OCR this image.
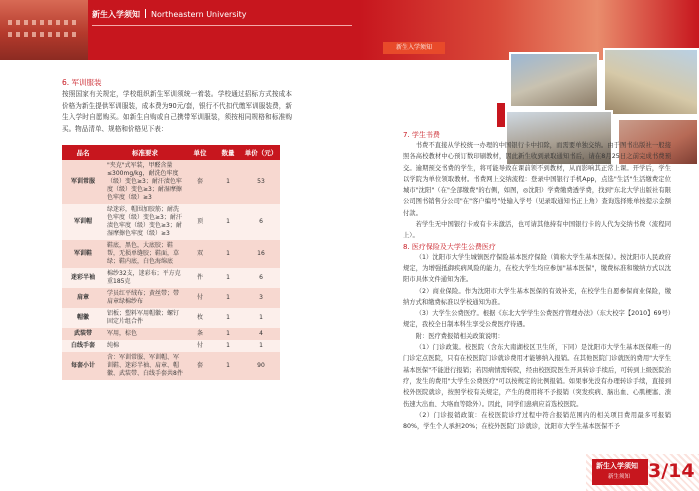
新生入学须知 Northeastern University
新生入学须知
6. 军训服装
按照国家有关规定，学校组织新生军训须统一着装。学校通过招标方式按成本价格为新生提供军训服装，成本费为90元/套，银行不代扣代缴军训服装费，新生入学时自愿购买。如新生自购或自己携带军训服装，须按相同规格和标准购买。物品清单、规格和价格见下表：
品名	标准要求	单位	数量	单价（元）
军训常服	"夹克"式军装，甲醛含量≤300mg/kg，耐洗色牢度（级）变色≥3；耐汗渍色牢度（级）变色≥3；耐湿摩擦色牢度（级）≥3	套	1	53
军训帽	绿迷彩，帽围加胶筋；耐洗色牢度（级）变色≥3；耐汗渍色牢度（级）变色≥3；耐湿摩擦色牢度（级）≥3	顶	1	6
军训鞋	鞋底，黑色，大底胶；鞋帮，无损单缝胶；鞋面，草绿；鞋内底，白色海绵底	双	1	16
迷彩半袖	棉纱32支，迷彩布；平方克重185克	件	1	6
肩章	学员红平绒布；黄丝带；带肩章绿棉纱布	付	1	3
帽徽	铝板；塑料军用帽徽；螺钉固定片组合件	枚	1	1
武装带	军用，棕色	条	1	4
白线手套	纯棉	付	1	1
每套小计	含：军训常服、军训帽、军训鞋、迷彩半袖、肩章、帽徽、武装带、白线手套共8件	套	1	90
7. 学生书费
书费不直接从学校统一办理的中国银行卡中扣除，而需要单独交纳。由于图书出版社一般接照各高校教材中心预订数印刷教材，因此新生收到录取通知书后，请在8月25日之前完成书费预交。逾期预交书费的学生，将可能导致在课前领不到教材，从而影响其正常上课。开学后，学生以学院为单位领取教材。书费网上交纳流程：登录中国银行手机App，点选"生活"生活缴费定位城市"沈阳"（在"全部缴费"的右侧，如图，◎沈阳）学费缴费透学费，找到"东北大学出版社有限公司图书销售分公司"在"客户编号"处输入学号（见录取通知书正上角）查询选择账单按提示金额付款。
若学生无中国银行卡或有卡未激活，也可请其他持有中国银行卡的人代为交纳书费（流程同上）。
8. 医疗保险及大学生公费医疗
（1）沈阳市大学生城镇医疗保险基本医疗保险（简称大学生基本医保）。按沈阳市人民政府规定，为增强抵御疾病风险的能力，在校大学生均应参加"基本医保"，缴费标准和缴纳方式以沈阳市具体文件通知为准。
（2）商业保险。作为沈阳市大学生基本医保的有效补充，在校学生自愿参保商业保险，缴纳方式和缴费标准以学校通知为准。
（3）大学生公费医疗。根据《东北大学学生公费医疗管理办法》（东大校字【2010】69号）规定，我校全日制本科生享受公费医疗待遇。
附：医疗费报销相关政策说明：
（1）门诊政策。校医院（含东大南湖校区卫生所，下同）是沈阳市大学生基本医保唯一的门诊定点医院，只有在校医院门诊就诊费用才能够纳入报销。在其他医院门诊就医的费用"大学生基本医保"不能进行报销；若因病情需转院，经由校医院医生开具转诊手续后，可转到上级医院治疗，发生的费用"大学生公费医疗"可以按规定的比例报销。如果事先没有办理转诊手续，直接到校外医院就诊，按照学校有关规定，产生的费用将不予报销（突发疾病、脑出血、心肌梗塞、溃伤速大出血、大咯血等除外）。因此，同学们患病应首选校医院。
（2）门诊报销政策：在校医院诊疗过程中符合报销范围内的相关项目费用最多可报销80%，学生个人承担20%；在校外医院门诊就诊，沈阳市大学生基本医保不予
新生入学须知
新生须知 3/14
